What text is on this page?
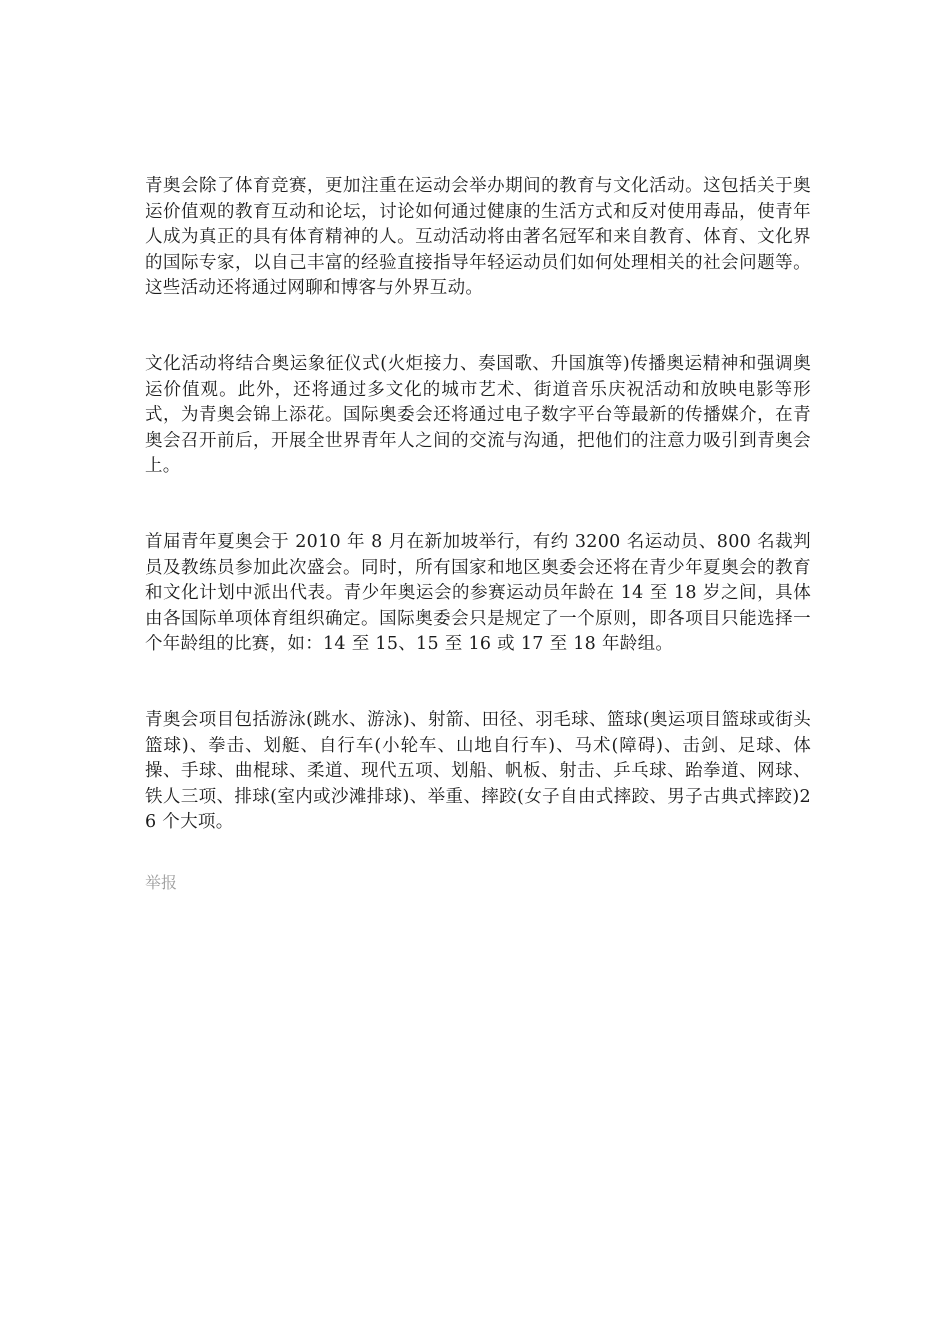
青奥会除了体育竞赛，更加注重在运动会举办期间的教育与文化活动。这包括关于奥运价值观的教育互动和论坛，讨论如何通过健康的生活方式和反对使用毒品，使青年人成为真正的具有体育精神的人。互动活动将由著名冠军和来自教育、体育、文化界的国际专家，以自己丰富的经验直接指导年轻运动员们如何处理相关的社会问题等。这些活动还将通过网聊和博客与外界互动。

文化活动将结合奥运象征仪式(火炬接力、奏国歌、升国旗等)传播奥运精神和强调奥运价值观。此外，还将通过多文化的城市艺术、街道音乐庆祝活动和放映电影等形式，为青奥会锦上添花。国际奥委会还将通过电子数字平台等最新的传播媒介，在青奥会召开前后，开展全世界青年人之间的交流与沟通，把他们的注意力吸引到青奥会上。

首届青年夏奥会于 2010 年 8 月在新加坡举行，有约 3200 名运动员、800 名裁判员及教练员参加此次盛会。同时，所有国家和地区奥委会还将在青少年夏奥会的教育和文化计划中派出代表。青少年奥运会的参赛运动员年龄在 14 至 18 岁之间，具体由各国际单项体育组织确定。国际奥委会只是规定了一个原则，即各项目只能选择一个年龄组的比赛，如：14 至 15、15 至 16 或 17 至 18 年龄组。

青奥会项目包括游泳(跳水、游泳)、射箭、田径、羽毛球、篮球(奥运项目篮球或街头篮球)、拳击、划艇、自行车(小轮车、山地自行车)、马术(障碍)、击剑、足球、体操、手球、曲棍球、柔道、现代五项、划船、帆板、射击、乒乓球、跆拳道、网球、铁人三项、排球(室内或沙滩排球)、举重、摔跤(女子自由式摔跤、男子古典式摔跤)26 个大项。

举报
